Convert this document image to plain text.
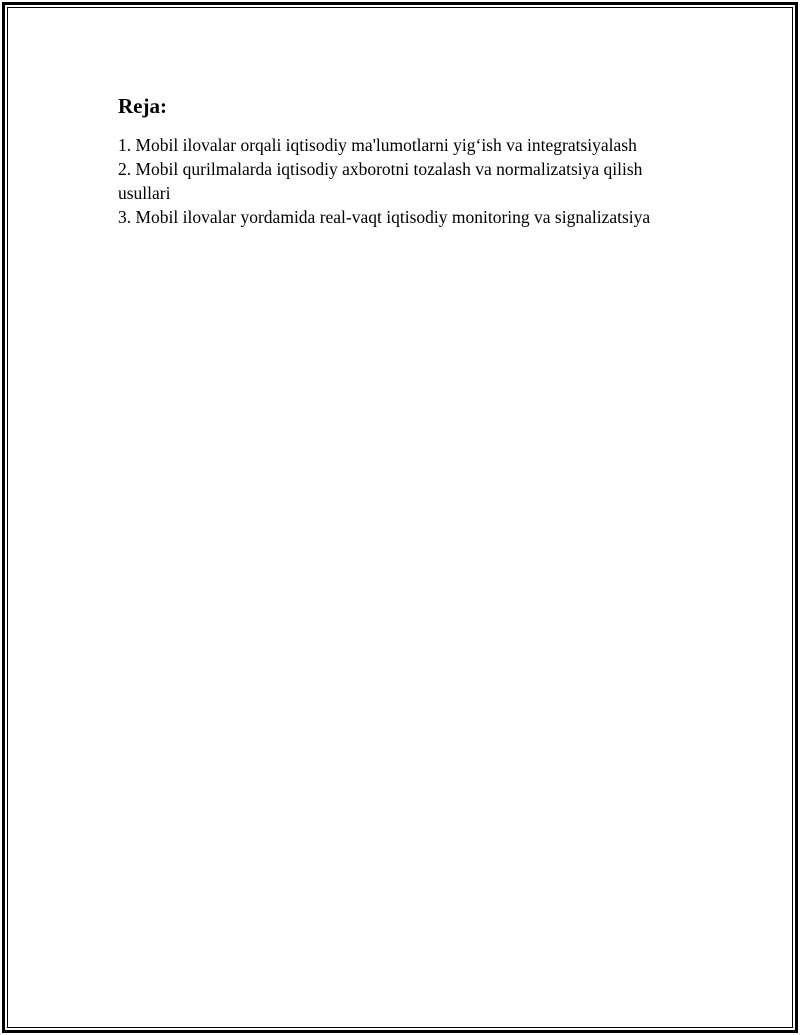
Reja:
1. Mobil ilovalar orqali iqtisodiy ma'lumotlarni yig‘ish va integratsiyalash
2. Mobil qurilmalarda iqtisodiy axborotni tozalash va normalizatsiya qilish usullari
3. Mobil ilovalar yordamida real-vaqt iqtisodiy monitoring va signalizatsiya
